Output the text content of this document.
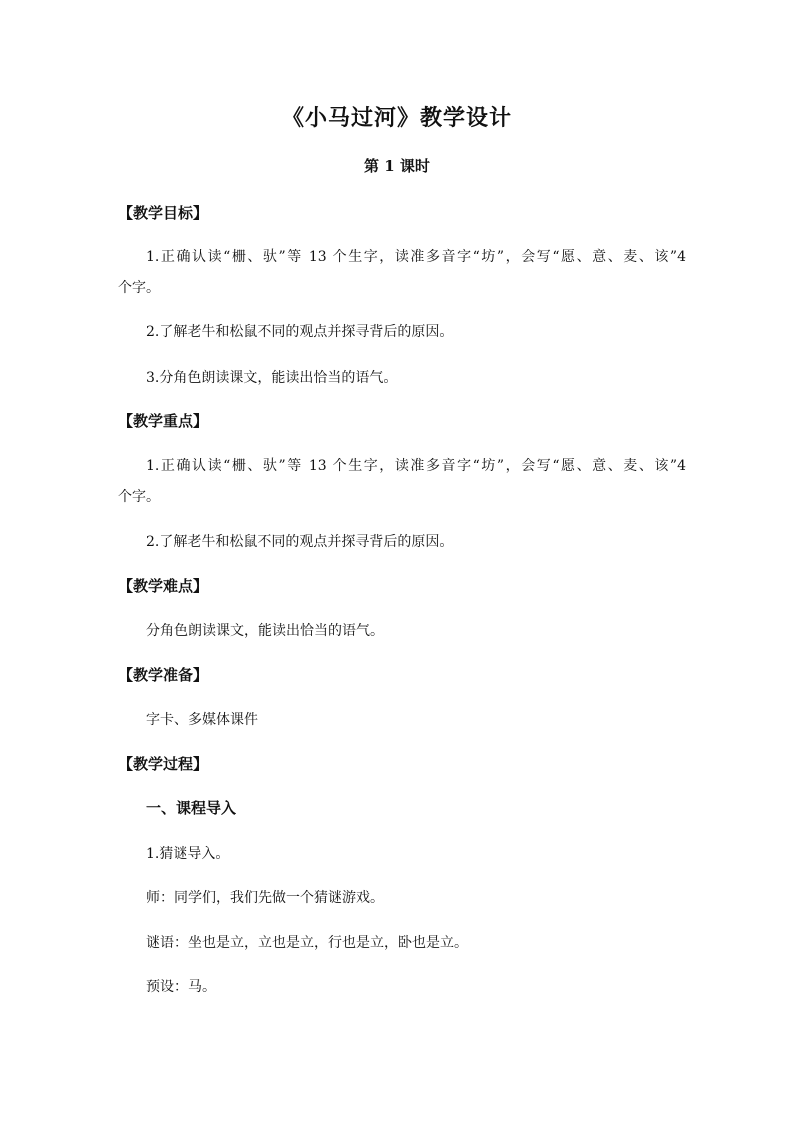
《小马过河》教学设计
第 1 课时
【教学目标】
1.正确认读“栅、驮”等 13 个生字，读准多音字“坊”，会写“愿、意、麦、该”4
个字。
2.了解老牛和松鼠不同的观点并探寻背后的原因。
3.分角色朗读课文，能读出恰当的语气。
【教学重点】
1.正确认读“栅、驮”等 13 个生字，读准多音字“坊”，会写“愿、意、麦、该”4
个字。
2.了解老牛和松鼠不同的观点并探寻背后的原因。
【教学难点】
分角色朗读课文，能读出恰当的语气。
【教学准备】
字卡、多媒体课件
【教学过程】
一、课程导入
1.猜谜导入。
师：同学们，我们先做一个猜谜游戏。
谜语：坐也是立，立也是立，行也是立，卧也是立。
预设：马。
